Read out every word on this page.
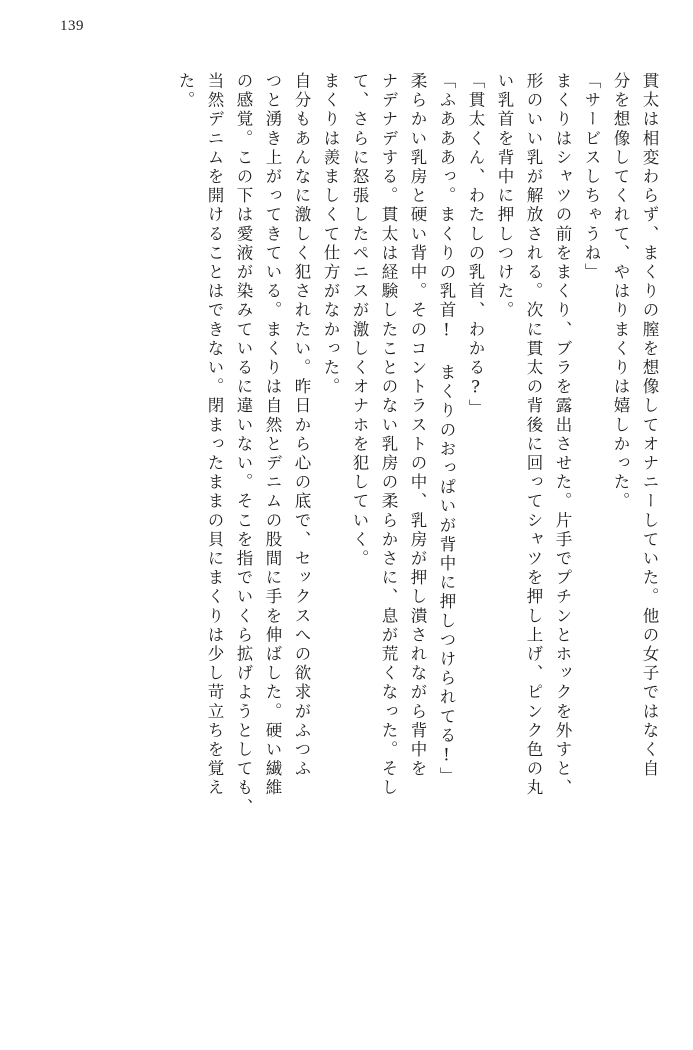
139
貫太は相変わらず、まくりの膣を想像してオナニーしていた。他の女子ではなく自
分を想像してくれて、やはりまくりは嬉しかった。
「サービスしちゃうね」
まくりはシャツの前をまくり、ブラを露出させた。片手でプチンとホックを外すと、
形のいい乳が解放される。次に貫太の背後に回ってシャツを押し上げ、ピンク色の丸
い乳首を背中に押しつけた。
「貫太くん、わたしの乳首、わかる?」
「ふあああっ。まくりの乳首! まくりのおっぱいが背中に押しつけられてる!」
柔らかい乳房と硬い背中。そのコントラストの中、乳房が押し潰されながら背中を
ナデナデする。貫太は経験したことのない乳房の柔らかさに、息が荒くなった。そし
て、さらに怒張したペニスが激しくオナホを犯していく。
まくりは羨ましくて仕方がなかった。
自分もあんなに激しく犯されたい。昨日から心の底で、セックスへの欲求がふつふ
つと湧き上がってきている。まくりは自然とデニムの股間に手を伸ばした。硬い繊維
の感覚。この下は愛液が染みているに違いない。そこを指でいくら拡げようとしても、
当然デニムを開けることはできない。閉まったままの貝にまくりは少し苛立ちを覚え
た。
